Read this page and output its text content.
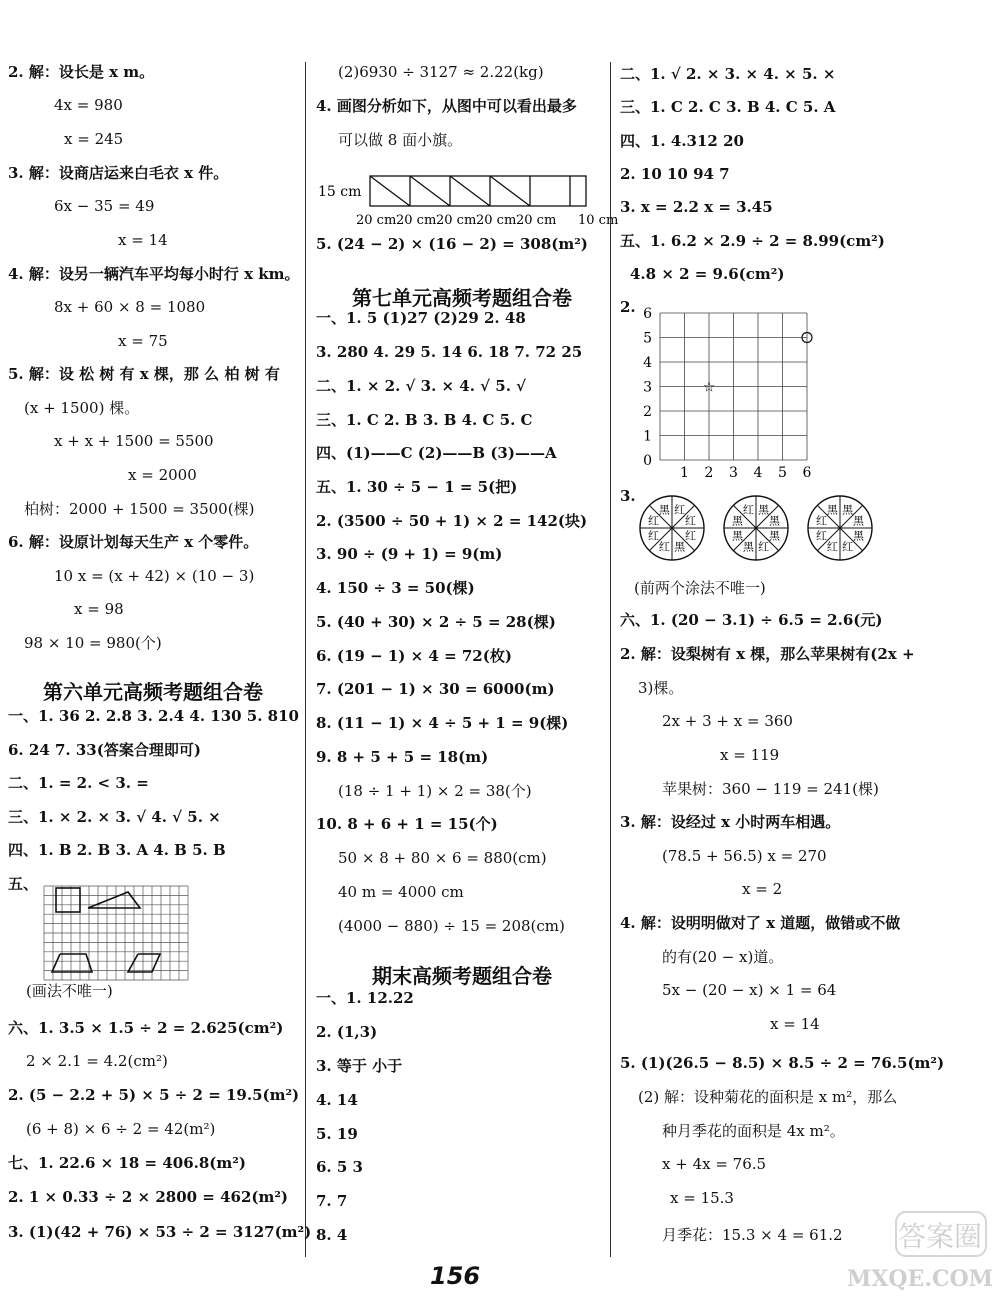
第六单元高频考题组合卷
2. 解：设长是 x m。
4x = 980
x = 245
3. 解：设商店运来白毛衣 x 件。
6x − 35 = 49
x = 14
4. 解：设另一辆汽车平均每小时行 x km。
8x + 60 × 8 = 1080
x = 75
5. 解：设 松 树 有 x 棵，那 么 柏 树 有
(x + 1500) 棵。
x + x + 1500 = 5500
x = 2000
柏树：2000 + 1500 = 3500(棵)
6. 解：设原计划每天生产 x 个零件。
10 x = (x + 42) × (10 − 3)
x = 98
98 × 10 = 980(个)
一、1. 36 2. 2.8 3. 2.4 4. 130 5. 810
6. 24 7. 33(答案合理即可)
二、1. = 2. < 3. =
三、1. × 2. × 3. √ 4. √ 5. ×
四、1. B 2. B 3. A 4. B 5. B
五、
(画法不唯一)
六、1. 3.5 × 1.5 ÷ 2 = 2.625(cm²)
2 × 2.1 = 4.2(cm²)
2. (5 − 2.2 + 5) × 5 ÷ 2 = 19.5(m²)
(6 + 8) × 6 ÷ 2 = 42(m²)
七、1. 22.6 × 18 = 406.8(m²)
2. 1 × 0.33 ÷ 2 × 2800 = 462(m²)
3. (1)(42 + 76) × 53 ÷ 2 = 3127(m²)
第七单元高频考题组合卷
期末高频考题组合卷
15 cm
20 cm 20 cm 20 cm 20 cm 20 cm 10 cm
(2)6930 ÷ 3127 ≈ 2.22(kg)
4. 画图分析如下，从图中可以看出最多
可以做 8 面小旗。
5. (24 − 2) × (16 − 2) = 308(m²)
一、1. 5 (1)27 (2)29 2. 48
3. 280 4. 29 5. 14 6. 18 7. 72 25
二、1. × 2. √ 3. × 4. √ 5. √
三、1. C 2. B 3. B 4. C 5. C
四、(1)——C (2)——B (3)——A
五、1. 30 ÷ 5 − 1 = 5(把)
2. (3500 ÷ 50 + 1) × 2 = 142(块)
3. 90 ÷ (9 + 1) = 9(m)
4. 150 ÷ 3 = 50(棵)
5. (40 + 30) × 2 ÷ 5 = 28(棵)
6. (19 − 1) × 4 = 72(枚)
7. (201 − 1) × 30 = 6000(m)
8. (11 − 1) × 4 ÷ 5 + 1 = 9(棵)
9. 8 + 5 + 5 = 18(m)
(18 ÷ 1 + 1) × 2 = 38(个)
10. 8 + 6 + 1 = 15(个)
50 × 8 + 80 × 6 = 880(cm)
40 m = 4000 cm
(4000 − 880) ÷ 15 = 208(cm)
一、1. 12.22
2. (1,3)
3. 等于 小于
4. 14
5. 19
6. 5 3
7. 7
8. 4
1 2 3 4 5 6
0
1
2
3
4
5
6
☆
红
红
红
黑
红
红
红
黑	黑
黑
黑
红
黑
黑
黑
红	黑
黑
黑
红
红
红
红
黑
二、1. √ 2. × 3. × 4. × 5. ×
三、1. C 2. C 3. B 4. C 5. A
四、1. 4.312 20
2. 10 10 94 7
3. x = 2.2 x = 3.45
五、1. 6.2 × 2.9 ÷ 2 = 8.99(cm²)
4.8 × 2 = 9.6(cm²)
2.
3.
(前两个涂法不唯一)
六、1. (20 − 3.1) ÷ 6.5 = 2.6(元)
2. 解：设梨树有 x 棵，那么苹果树有(2x +
3)棵。
2x + 3 + x = 360
x = 119
苹果树：360 − 119 = 241(棵)
3. 解：设经过 x 小时两车相遇。
(78.5 + 56.5) x = 270
x = 2
4. 解：设明明做对了 x 道题，做错或不做
的有(20 − x)道。
5x − (20 − x) × 1 = 64
x = 14
5. (1)(26.5 − 8.5) × 8.5 ÷ 2 = 76.5(m²)
(2) 解：设种菊花的面积是 x m²，那么
种月季花的面积是 4x m²。
x + 4x = 76.5
x = 15.3
月季花：15.3 × 4 = 61.2
156
答案圈
MXQE.COM
